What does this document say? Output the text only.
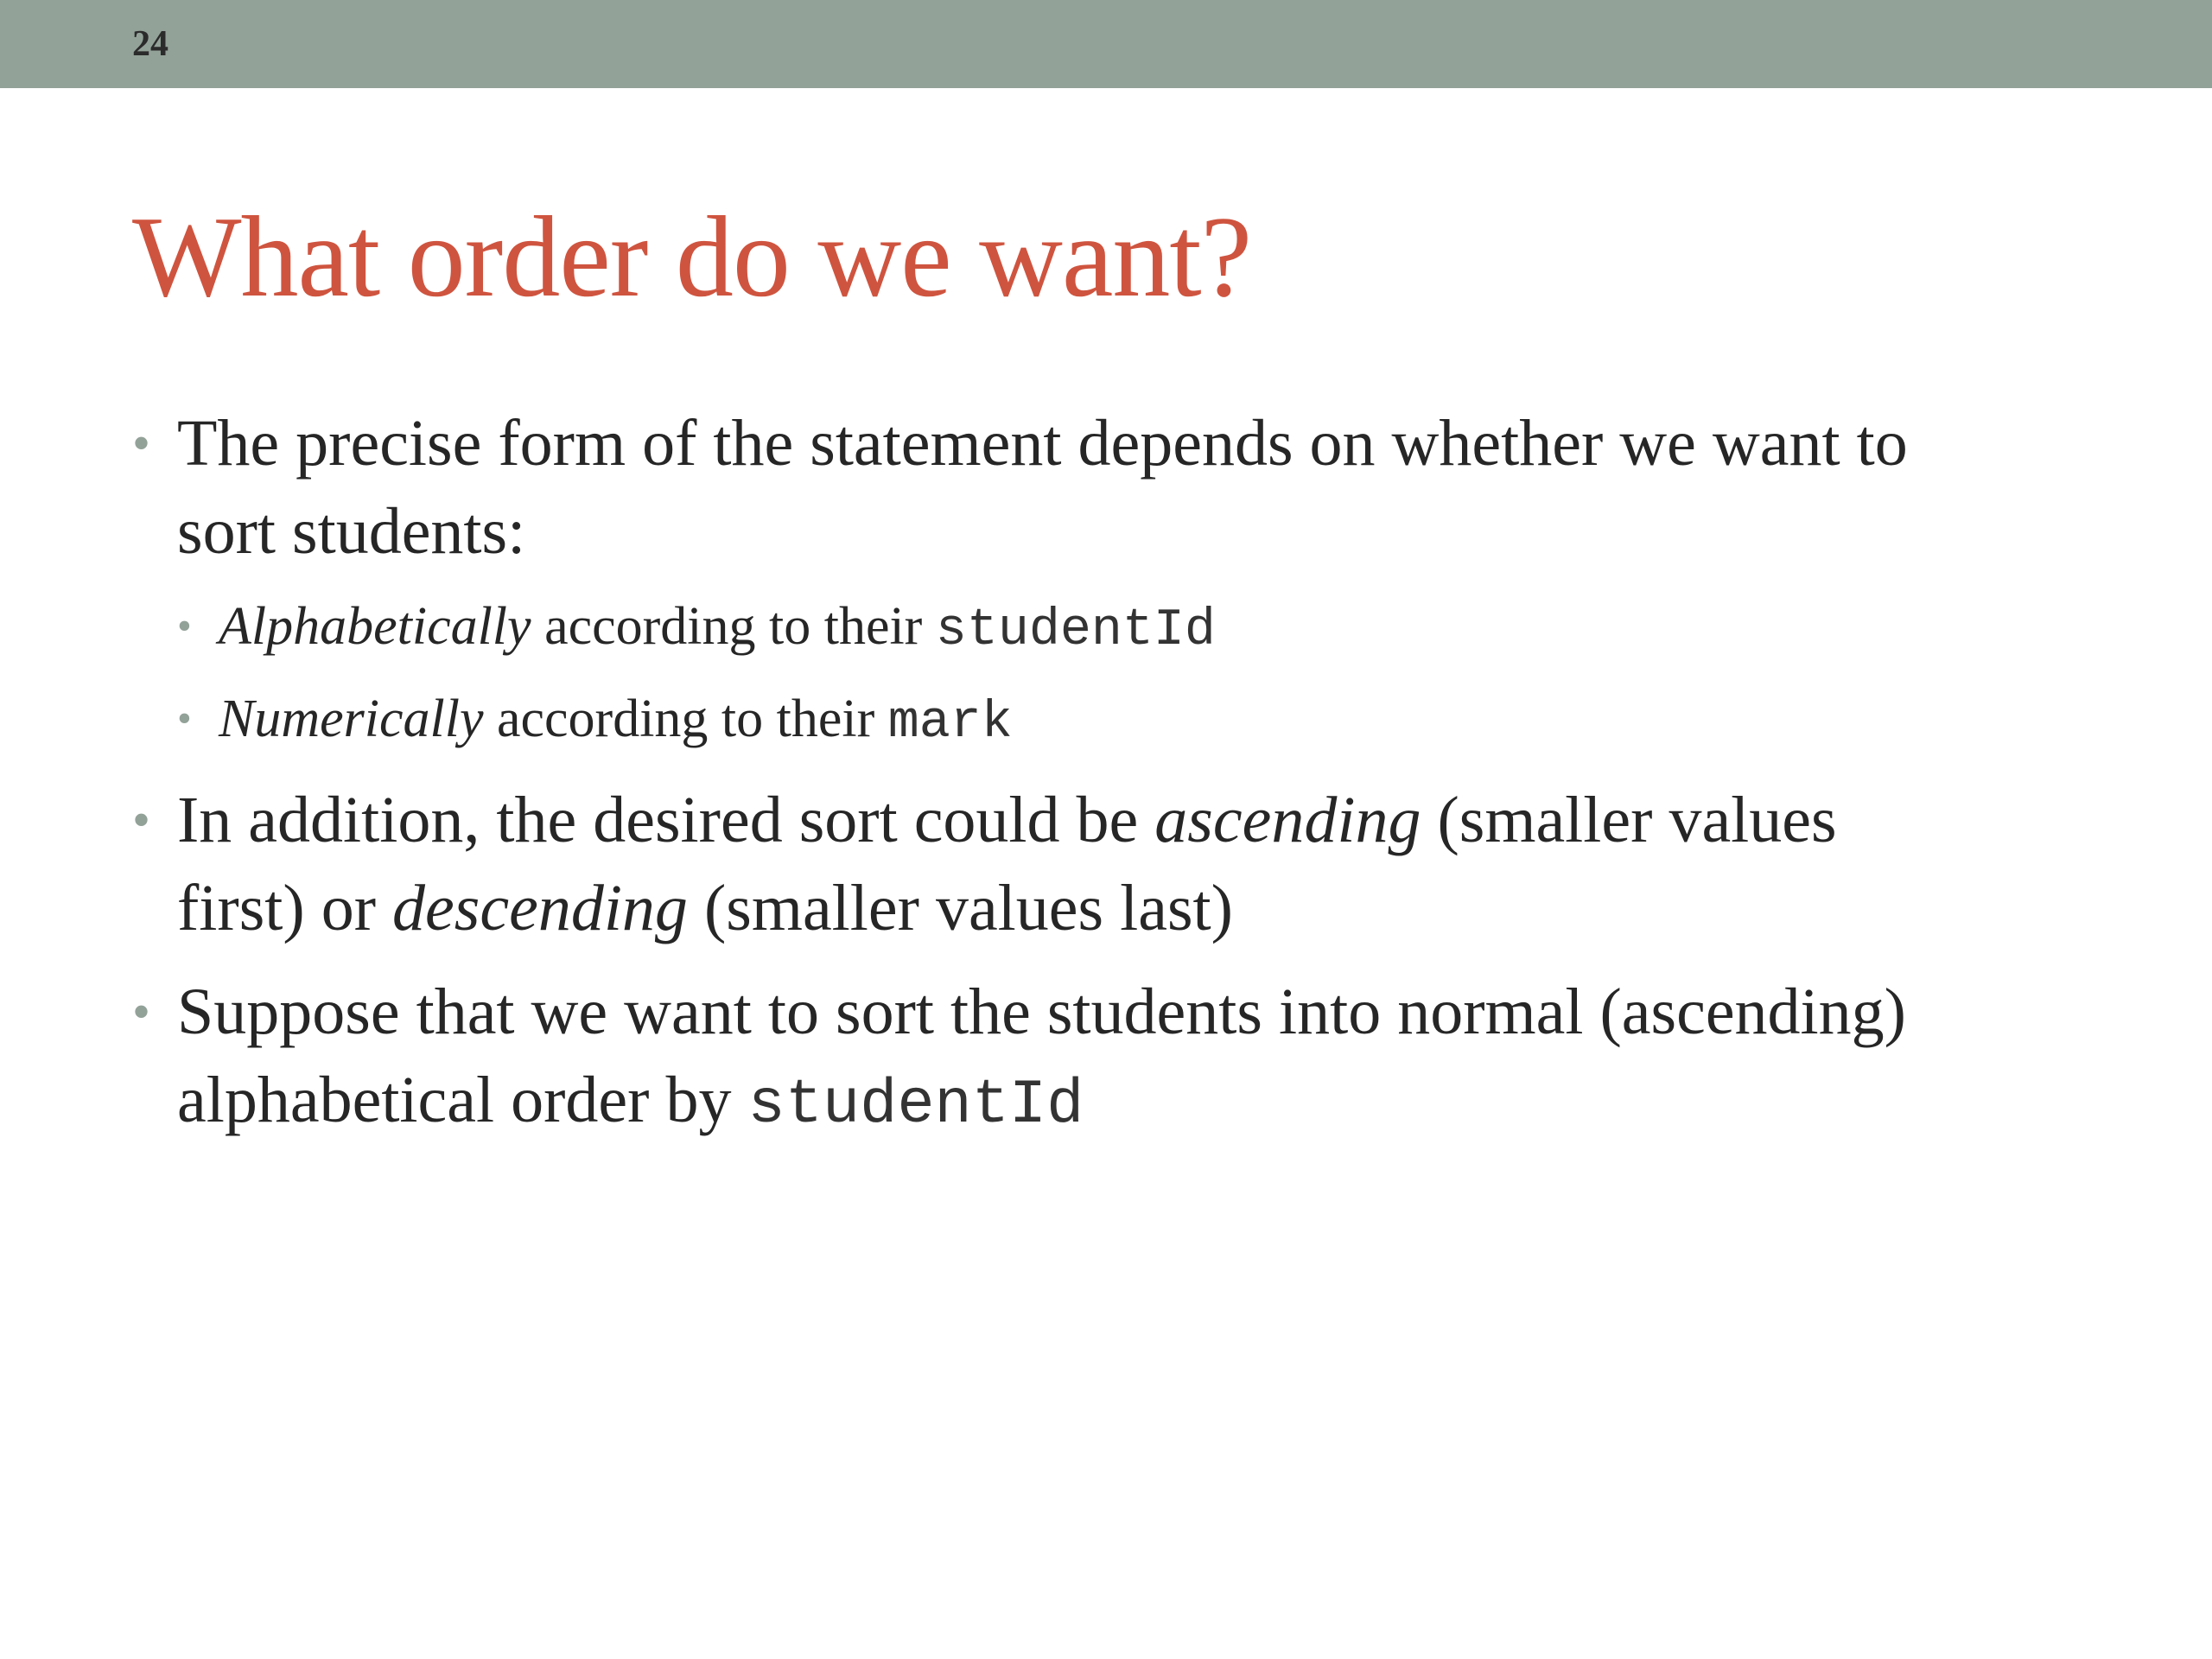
24
What order do we want?
• The precise form of the statement depends on whether we want to
sort students:
• Alphabetically according to their studentId
• Numerically according to their mark
• In addition, the desired sort could be ascending (smaller values
first) or descending (smaller values last)
• Suppose that we want to sort the students into normal (ascending)
alphabetical order by studentId
